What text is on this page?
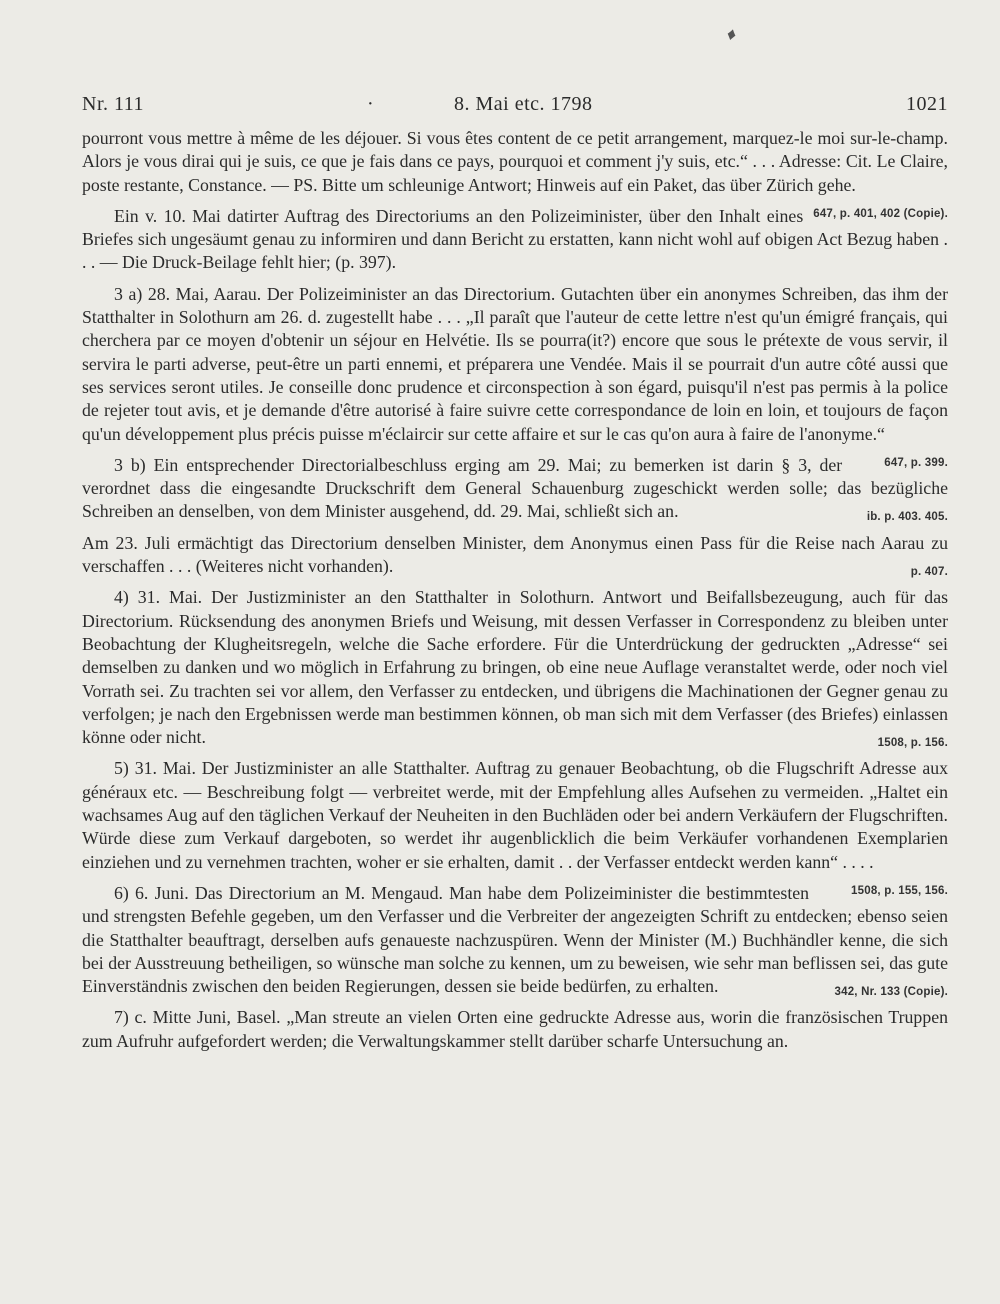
♦
Nr. 111	·	8. Mai etc. 1798	1021

pourront vous mettre à même de les déjouer. Si vous êtes content de ce petit arrangement, marquez-le moi sur-le-champ. Alors je vous dirai qui je suis, ce que je fais dans ce pays, pourquoi et comment j'y suis, etc.“ . . . Adresse: Cit. Le Claire, poste restante, Constance. — PS. Bitte um schleunige Antwort; Hinweis auf ein Paket, das über Zürich gehe.
647, p. 401, 402 (Copie).

Ein v. 10. Mai datirter Auftrag des Directoriums an den Polizeiminister, über den Inhalt eines Briefes sich ungesäumt genau zu informiren und dann Bericht zu erstatten, kann nicht wohl auf obigen Act Bezug haben . . . — Die Druck-Beilage fehlt hier; (p. 397).

3 a) 28. Mai, Aarau. Der Polizeiminister an das Directorium. Gutachten über ein anonymes Schreiben, das ihm der Statthalter in Solothurn am 26. d. zugestellt habe . . . „Il paraît que l'auteur de cette lettre n'est qu'un émigré français, qui cherchera par ce moyen d'obtenir un séjour en Helvétie. Ils se pourra(it?) encore que sous le prétexte de vous servir, il servira le parti adverse, peut-être un parti ennemi, et préparera une Vendée. Mais il se pourrait d'un autre côté aussi que ses services seront utiles. Je conseille donc prudence et circonspection à son égard, puisqu'il n'est pas permis à la police de rejeter tout avis, et je demande d'être autorisé à faire suivre cette correspondance de loin en loin, et toujours de façon qu'un développement plus précis puisse m'éclaircir sur cette affaire et sur le cas qu'on aura à faire de l'anonyme.“
647, p. 399.

3 b) Ein entsprechender Directorialbeschluss erging am 29. Mai; zu bemerken ist darin § 3, der verordnet dass die eingesandte Druckschrift dem General Schauenburg zugeschickt werden solle; das bezügliche Schreiben an denselben, von dem Minister ausgehend, dd. 29. Mai, schließt sich an.	ib. p. 403. 405.

Am 23. Juli ermächtigt das Directorium denselben Minister, dem Anonymus einen Pass für die Reise nach Aarau zu verschaffen . . . (Weiteres nicht vorhanden).	p. 407.

4) 31. Mai. Der Justizminister an den Statthalter in Solothurn. Antwort und Beifallsbezeugung, auch für das Directorium. Rücksendung des anonymen Briefs und Weisung, mit dessen Verfasser in Correspondenz zu bleiben unter Beobachtung der Klugheitsregeln, welche die Sache erfordere. Für die Unterdrückung der gedruckten „Adresse“ sei demselben zu danken und wo möglich in Erfahrung zu bringen, ob eine neue Auflage veranstaltet werde, oder noch viel Vorrath sei. Zu trachten sei vor allem, den Verfasser zu entdecken, und übrigens die Machinationen der Gegner genau zu verfolgen; je nach den Ergebnissen werde man bestimmen können, ob man sich mit dem Verfasser (des Briefes) einlassen könne oder nicht.	1508, p. 156.

5) 31. Mai. Der Justizminister an alle Statthalter. Auftrag zu genauer Beobachtung, ob die Flugschrift Adresse aux généraux etc. — Beschreibung folgt — verbreitet werde, mit der Empfehlung alles Aufsehen zu vermeiden. „Haltet ein wachsames Aug auf den täglichen Verkauf der Neuheiten in den Buchläden oder bei andern Verkäufern der Flugschriften. Würde diese zum Verkauf dargeboten, so werdet ihr augenblicklich die beim Verkäufer vorhandenen Exemplarien einziehen und zu vernehmen trachten, woher er sie erhalten, damit . . der Verfasser entdeckt werden kann“ . . . .
1508, p. 155, 156.

6) 6. Juni. Das Directorium an M. Mengaud. Man habe dem Polizeiminister die bestimmtesten und strengsten Befehle gegeben, um den Verfasser und die Verbreiter der angezeigten Schrift zu entdecken; ebenso seien die Statthalter beauftragt, derselben aufs genaueste nachzuspüren. Wenn der Minister (M.) Buchhändler kenne, die sich bei der Ausstreuung betheiligen, so wünsche man solche zu kennen, um zu beweisen, wie sehr man beflissen sei, das gute Einverständnis zwischen den beiden Regierungen, dessen sie beide bedürfen, zu erhalten.	342, Nr. 133 (Copie).

7) c. Mitte Juni, Basel. „Man streute an vielen Orten eine gedruckte Adresse aus, worin die französischen Truppen zum Aufruhr aufgefordert werden; die Verwaltungskammer stellt darüber scharfe Untersuchung an.
